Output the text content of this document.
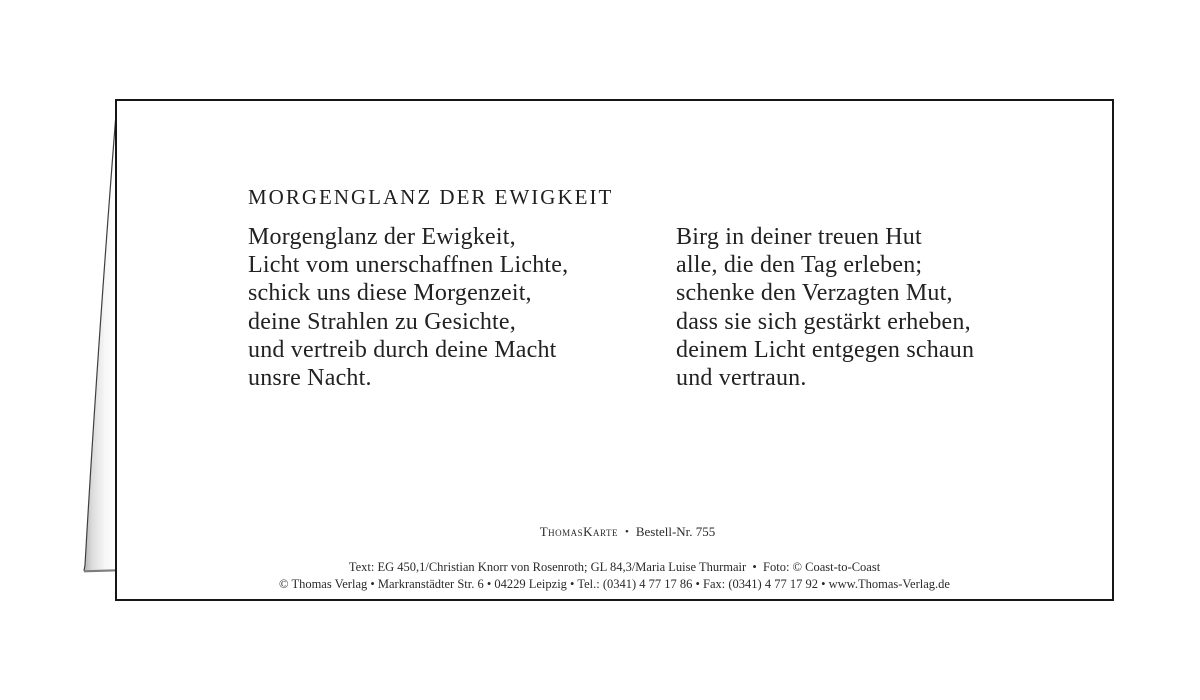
MORGENGLANZ DER EWIGKEIT
Morgenglanz der Ewigkeit,
Licht vom unerschaffnen Lichte,
schick uns diese Morgenzeit,
deine Strahlen zu Gesichte,
und vertreib durch deine Macht
unsre Nacht.
Birg in deiner treuen Hut
alle, die den Tag erleben;
schenke den Verzagten Mut,
dass sie sich gestärkt erheben,
deinem Licht entgegen schaun
und vertraun.

ThomasKarte • Bestell-Nr. 755

Text: EG 450,1/Christian Knorr von Rosenroth; GL 84,3/Maria Luise Thurmair  •  Foto: © Coast-to-Coast
© Thomas Verlag • Markranstädter Str. 6 • 04229 Leipzig • Tel.: (0341) 4 77 17 86 • Fax: (0341) 4 77 17 92 • www.Thomas-Verlag.de
